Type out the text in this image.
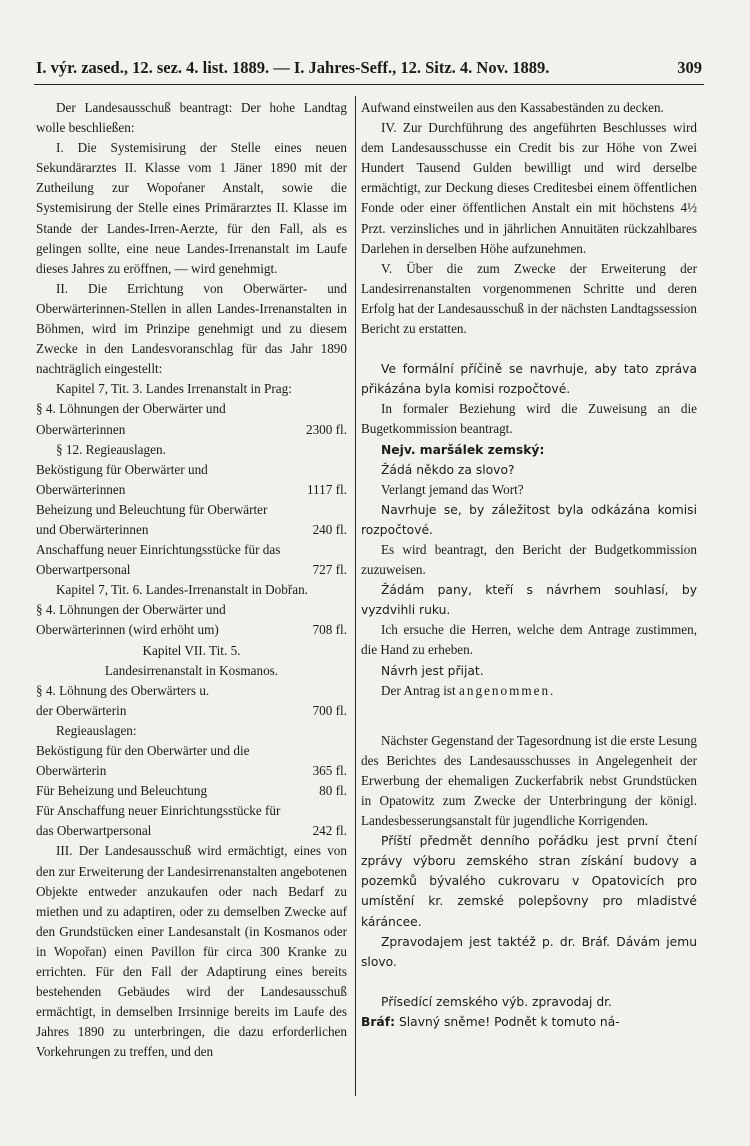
I. výr. zased., 12. sez. 4. list. 1889. — I. Jahres-Seff., 12. Sitz. 4. Nov. 1889.	309

Der Landesausschuß beantragt: Der hohe Landtag wolle beschließen:

I. Die Systemisirung der Stelle eines neuen Sekundärarztes II. Klasse vom 1 Jäner 1890 mit der Zutheilung zur Wopoŕaner Anstalt, sowie die Systemisirung der Stelle eines Primärarztes II. Klasse im Stande der Landes-Irren-Aerzte, für den Fall, als es gelingen sollte, eine neue Landes-Irrenanstalt im Laufe dieses Jahres zu eröffnen, — wird genehmigt.

II. Die Errichtung von Oberwärter- und Oberwärterinnen-Stellen in allen Landes-Irrenanstalten in Böhmen, wird im Prinzipe genehmigt und zu diesem Zwecke in den Landesvoranschlag für das Jahr 1890 nachträglich eingestellt:

Kapitel 7, Tit. 3. Landes Irrenanstalt in Prag:

§ 4. Löhnungen der Oberwärter und Oberwärterinnen	2300 fl.

§ 12. Regieauslagen.

Beköstigung für Oberwärter und Oberwärterinnen	1117 fl.
Beheizung und Beleuchtung für Oberwärter und Oberwärterinnen	240 fl.
Anschaffung neuer Einrichtungsstücke für das Oberwartpersonal	727 fl.

Kapitel 7, Tit. 6. Landes-Irrenanstalt in Dobřan.

§ 4. Löhnungen der Oberwärter und Oberwärterinnen (wird erhöht um)	708 fl.

Kapitel VII. Tit. 5.

Landesirrenanstalt in Kosmanos.

§ 4. Löhnung des Oberwärters u.

der Oberwärterin	700 fl.

Regieauslagen:

Beköstigung für den Oberwärter und die Oberwärterin	365 fl.
Für Beheizung und Beleuchtung	80 fl.
Für Anschaffung neuer Einrichtungsstücke für das Oberwartpersonal	242 fl.

III. Der Landesausschuß wird ermächtigt, eines von den zur Erweiterung der Landesirrenanstalten angebotenen Objekte entweder anzukaufen oder nach Bedarf zu miethen und zu adaptiren, oder zu demselben Zwecke auf den Grundstücken einer Landesanstalt (in Kosmanos oder in Wopořan) einen Pavillon für circa 300 Kranke zu errichten. Für den Fall der Adaptirung eines bereits bestehenden Gebäudes wird der Landesausschuß ermächtigt, in demselben Irrsinnige bereits im Laufe des Jahres 1890 zu unterbringen, die dazu erforderlichen Vorkehrungen zu treffen, und den

Aufwand einstweilen aus den Kassabeständen zu decken.

IV. Zur Durchführung des angeführten Beschlusses wird dem Landesausschusse ein Credit bis zur Höhe von Zwei Hundert Tausend Gulden bewilligt und wird derselbe ermächtigt, zur Deckung dieses Creditesbei einem öffentlichen Fonde oder einer öffentlichen Anstalt ein mit höchstens 4½ Przt. verzinsliches und in jährlichen Annuitäten rückzahlbares Darlehen in derselben Höhe aufzunehmen.

V. Über die zum Zwecke der Erweiterung der Landesirrenanstalten vorgenommenen Schritte und deren Erfolg hat der Landesausschuß in der nächsten Landtagssession Bericht zu erstatten.

Ve formální příčině se navrhuje, aby tato zpráva přikázána byla komisi rozpočtové.

In formaler Beziehung wird die Zuweisung an die Bugetkommission beantragt.

Nejv. maršálek zemský:

Žádá někdo za slovo?

Verlangt jemand das Wort?

Navrhuje se, by záležitost byla odkázána komisi rozpočtové.

Es wird beantragt, den Bericht der Budgetkommission zuzuweisen.

Žádám pany, kteří s návrhem souhlasí, by vyzdvihli ruku.

Ich ersuche die Herren, welche dem Antrage zustimmen, die Hand zu erheben.

Návrh jest přijat.

Der Antrag ist angenommen.

Nächster Gegenstand der Tagesordnung ist die erste Lesung des Berichtes des Landesausschusses in Angelegenheit der Erwerbung der ehemaligen Zuckerfabrik nebst Grundstücken in Opatowitz zum Zwecke der Unterbringung der königl. Landesbesserungsanstalt für jugendliche Korrigenden.

Příští předmět denního pořádku jest první čtení zprávy výboru zemského stran získání budovy a pozemků bývalého cukrovaru v Opatovicích pro umístění kr. zemské polepšovny pro mladistvé káráncee.

Zpravodajem jest taktéž p. dr. Bráf. Dávám jemu slovo.

Přísedící zemského výb. zpravodaj dr.

Bráf: Slavný sněme! Podnět k tomuto ná-
